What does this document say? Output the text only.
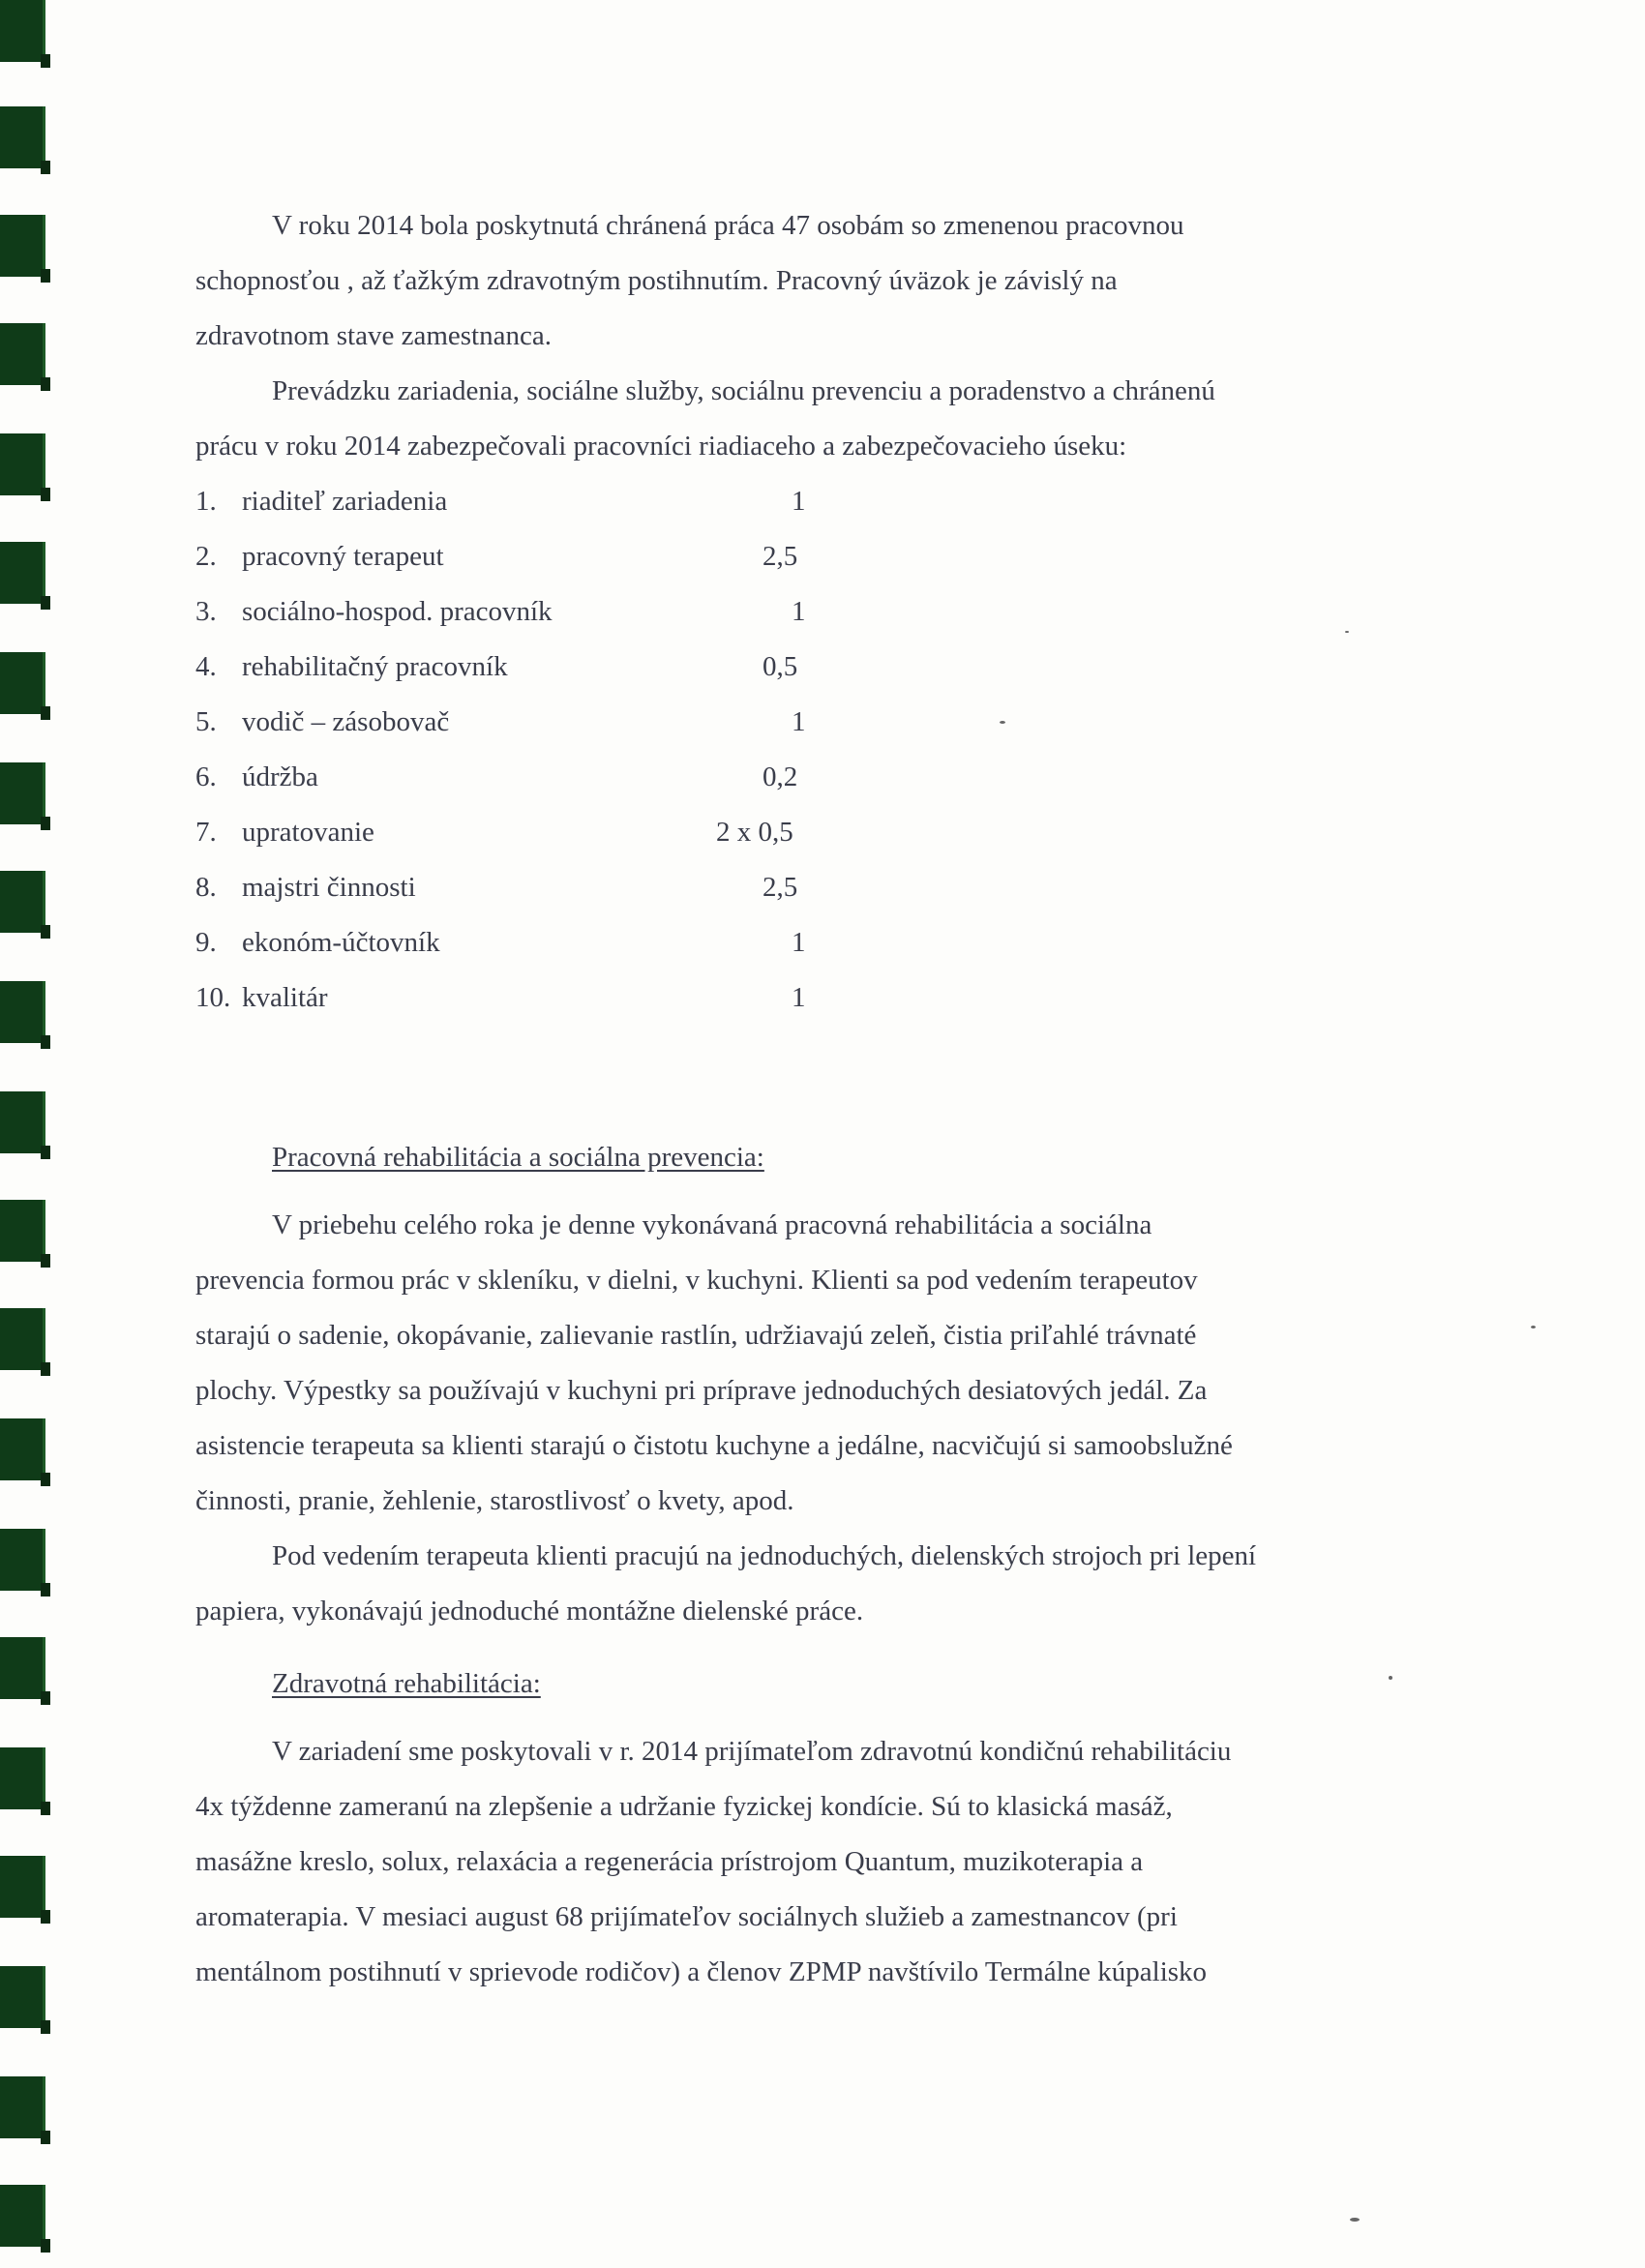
V roku 2014 bola poskytnutá chránená práca 47 osobám so zmenenou pracovnou
schopnosťou , až ťažkým zdravotným postihnutím. Pracovný úväzok je závislý na
zdravotnom stave zamestnanca.
Prevádzku zariadenia, sociálne služby, sociálnu prevenciu a poradenstvo a chránenú
prácu v roku 2014 zabezpečovali pracovníci riadiaceho a zabezpečovacieho úseku:
1. riaditeľ zariadenia	1
2. pracovný terapeut	2,5
3. sociálno-hospod. pracovník	1
4. rehabilitačný pracovník	0,5
5. vodič – zásobovač	1
6. údržba	0,2
7. upratovanie	2 x 0,5
8. majstri činnosti	2,5
9. ekonóm-účtovník	1
10. kvalitár	1
Pracovná rehabilitácia a sociálna prevencia:
V priebehu celého roka je denne vykonávaná pracovná rehabilitácia a sociálna
prevencia formou prác v skleníku, v dielni, v kuchyni. Klienti sa pod vedením terapeutov
starajú o sadenie, okopávanie, zalievanie rastlín, udržiavajú zeleň, čistia priľahlé trávnaté
plochy. Výpestky sa používajú v kuchyni pri príprave jednoduchých desiatových jedál. Za
asistencie terapeuta sa klienti starajú o čistotu kuchyne a jedálne, nacvičujú si samoobslužné
činnosti, pranie, žehlenie, starostlivosť o kvety, apod.
Pod vedením terapeuta klienti pracujú na jednoduchých, dielenských strojoch pri lepení
papiera, vykonávajú jednoduché montážne dielenské práce.
Zdravotná rehabilitácia:
V zariadení sme poskytovali v r. 2014 prijímateľom zdravotnú kondičnú rehabilitáciu
4x týždenne zameranú na zlepšenie a udržanie fyzickej kondície. Sú to klasická masáž,
masážne kreslo, solux, relaxácia a regenerácia prístrojom Quantum, muzikoterapia a
aromaterapia. V mesiaci august 68 prijímateľov sociálnych služieb a zamestnancov (pri
mentálnom postihnutí v sprievode rodičov) a členov ZPMP navštívilo Termálne kúpalisko
